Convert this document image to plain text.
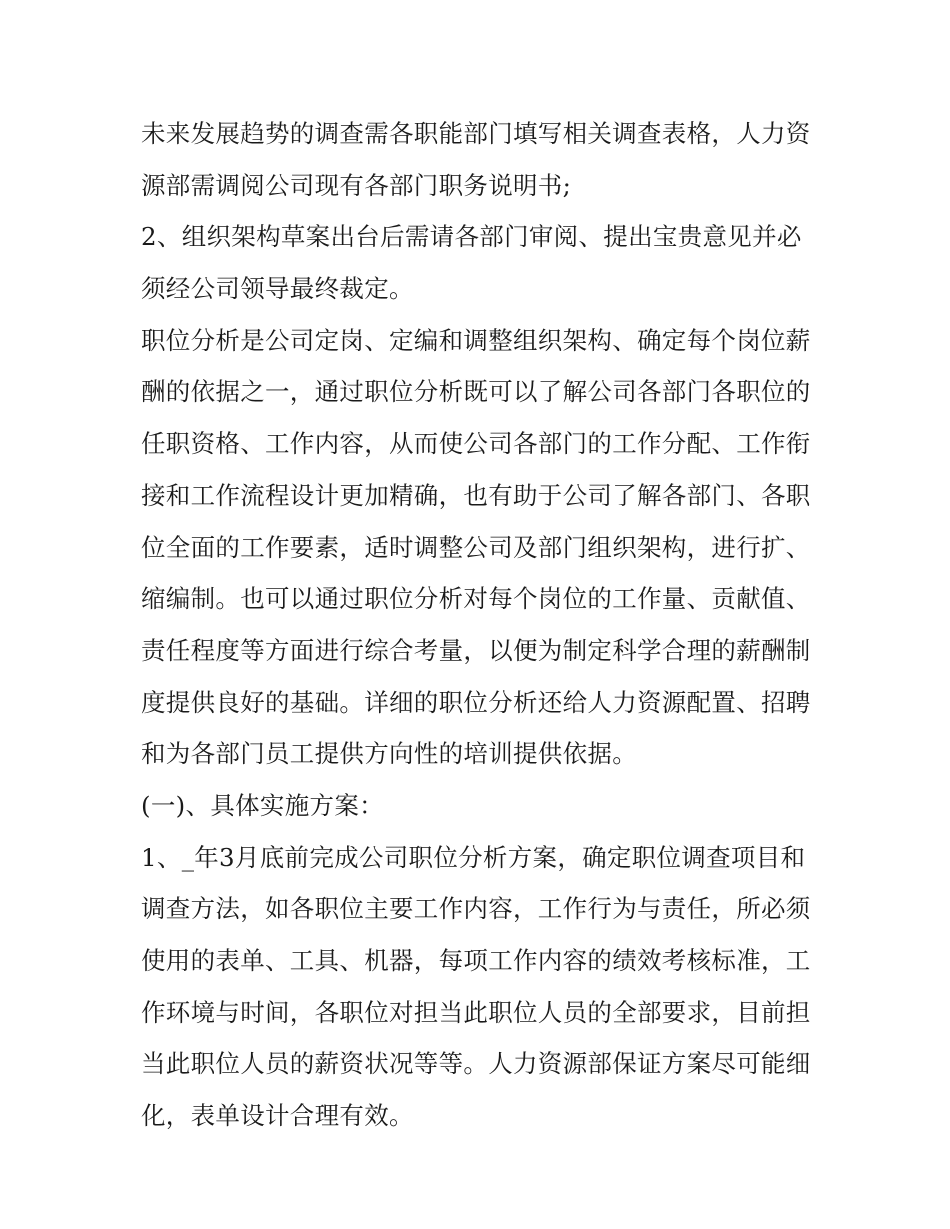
未来发展趋势的调查需各职能部门填写相关调查表格，人力资
源部需调阅公司现有各部门职务说明书;
2、组织架构草案出台后需请各部门审阅、提出宝贵意见并必
须经公司领导最终裁定。
职位分析是公司定岗、定编和调整组织架构、确定每个岗位薪
酬的依据之一，通过职位分析既可以了解公司各部门各职位的
任职资格、工作内容，从而使公司各部门的工作分配、工作衔
接和工作流程设计更加精确，也有助于公司了解各部门、各职
位全面的工作要素，适时调整公司及部门组织架构，进行扩、
缩编制。也可以通过职位分析对每个岗位的工作量、贡献值、
责任程度等方面进行综合考量，以便为制定科学合理的薪酬制
度提供良好的基础。详细的职位分析还给人力资源配置、招聘
和为各部门员工提供方向性的培训提供依据。
(一)、具体实施方案：
1、_年3月底前完成公司职位分析方案，确定职位调查项目和
调查方法，如各职位主要工作内容，工作行为与责任，所必须
使用的表单、工具、机器，每项工作内容的绩效考核标准，工
作环境与时间，各职位对担当此职位人员的全部要求，目前担
当此职位人员的薪资状况等等。人力资源部保证方案尽可能细
化，表单设计合理有效。
